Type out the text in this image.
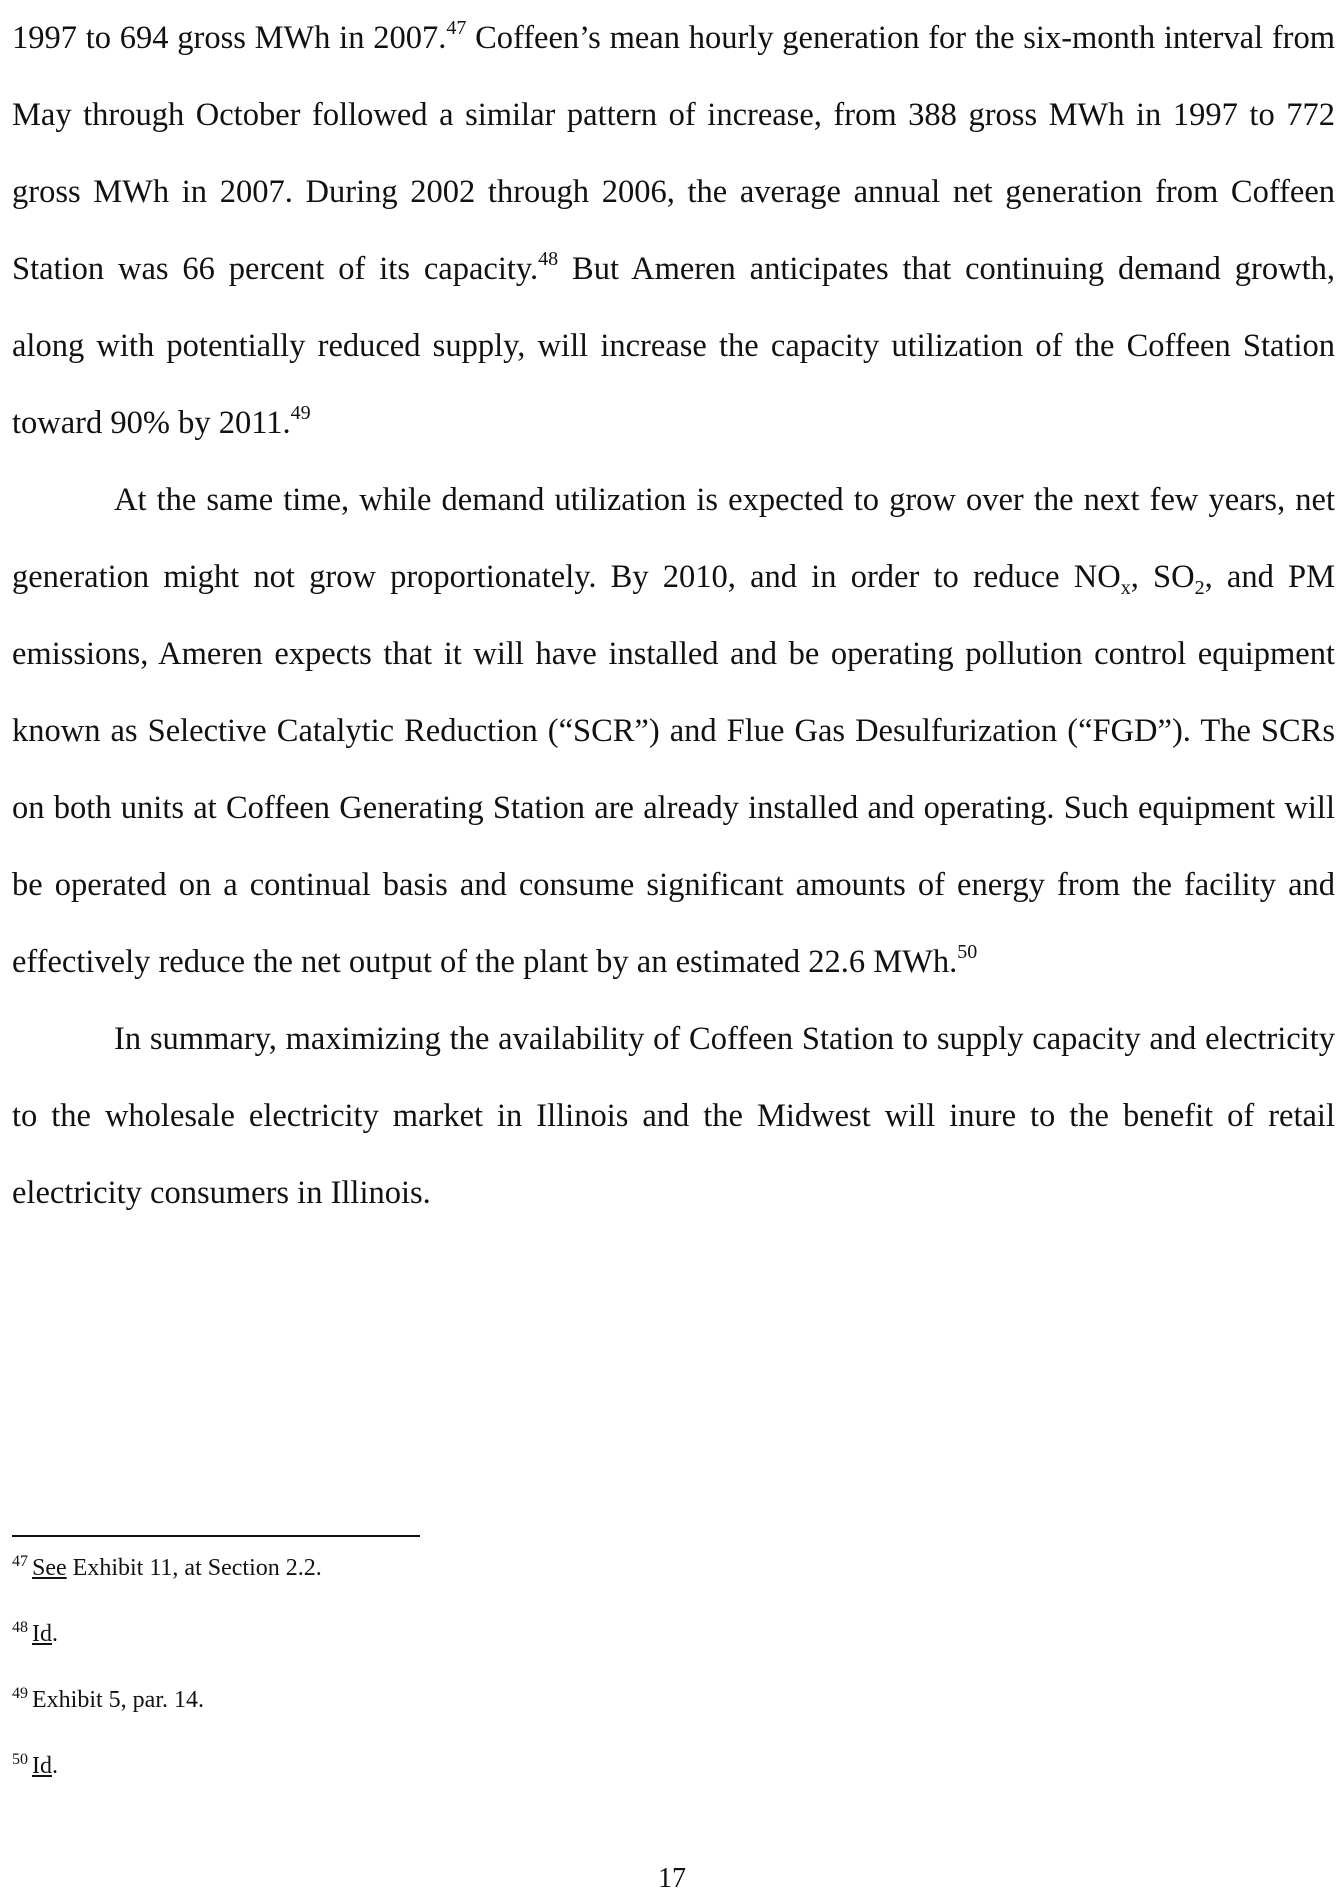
1997 to 694 gross MWh in 2007.47 Coffeen’s mean hourly generation for the six-month interval from May through October followed a similar pattern of increase, from 388 gross MWh in 1997 to 772 gross MWh in 2007. During 2002 through 2006, the average annual net generation from Coffeen Station was 66 percent of its capacity.$^{48}$ But Ameren anticipates that continuing demand growth, along with potentially reduced supply, will increase the capacity utilization of the Coffeen Station toward 90% by 2011.49

At the same time, while demand utilization is expected to grow over the next few years, net generation might not grow proportionately. By 2010, and in order to reduce $NO_x$, $SO_2$, and PM emissions, Ameren expects that it will have installed and be operating pollution control equipment known as Selective Catalytic Reduction (“SCR”) and Flue Gas Desulfurization (“FGD”). The SCRs on both units at Coffeen Generating Station are already installed and operating. Such equipment will be operated on a continual basis and consume significant amounts of energy from the facility and effectively reduce the net output of the plant by an estimated 22.6 MWh.$^{50}$

In summary, maximizing the availability of Coffeen Station to supply capacity and electricity to the wholesale electricity market in Illinois and the Midwest will inure to the benefit of retail electricity consumers in Illinois.

$^{47}$ See Exhibit 11, at Section 2.2.
$^{48}$ Id.
$^{49}$ Exhibit 5, par. 14.
$^{50}$ Id.
17
